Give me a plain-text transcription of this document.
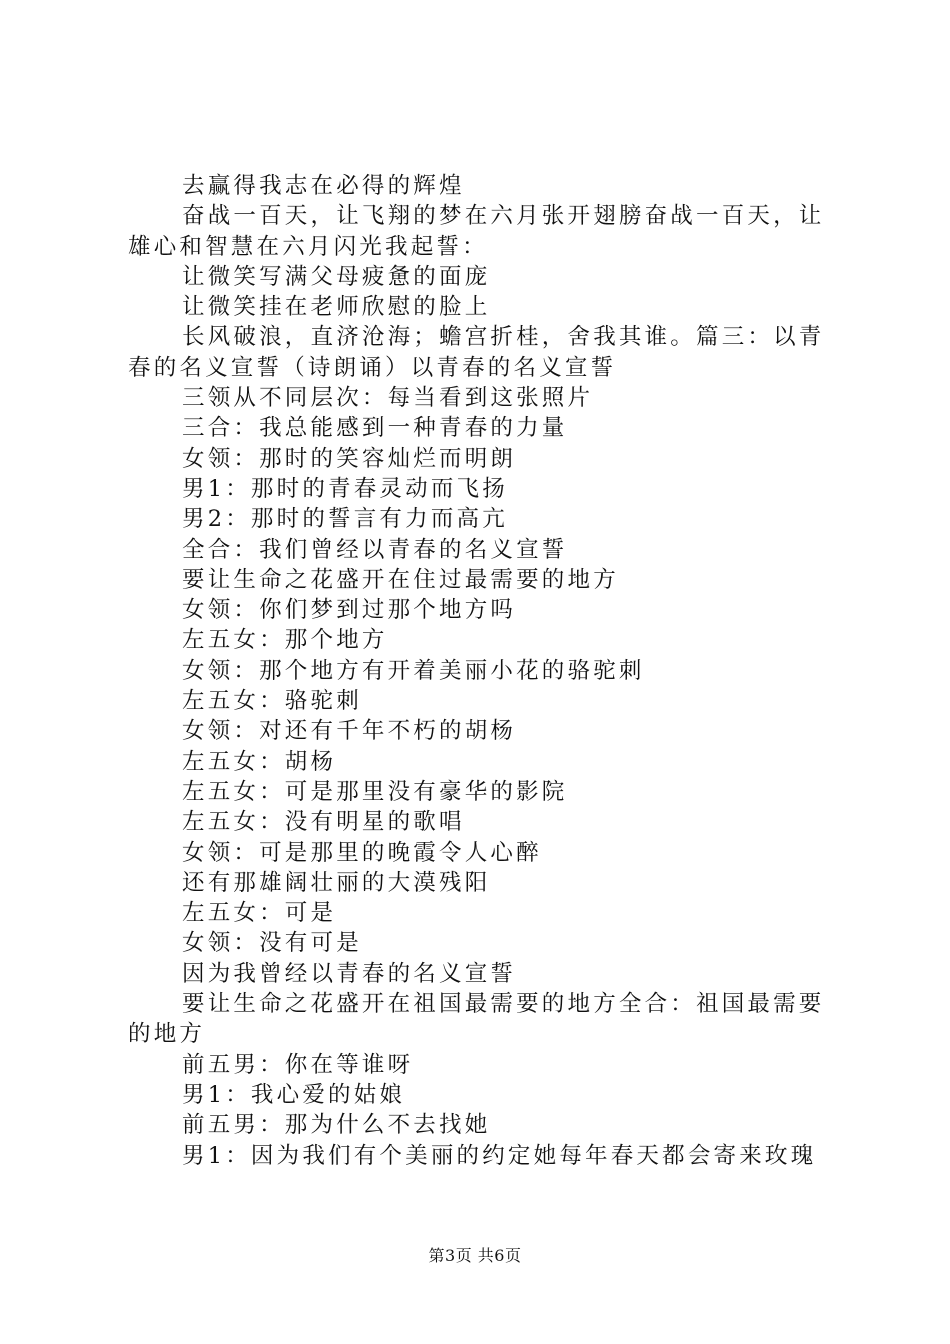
去赢得我志在必得的辉煌

奋战一百天，让飞翔的梦在六月张开翅膀奋战一百天，让雄心和智慧在六月闪光我起誓：

让微笑写满父母疲惫的面庞

让微笑挂在老师欣慰的脸上

长风破浪，直济沧海；蟾宫折桂，舍我其谁。篇三：以青春的名义宣誓（诗朗诵）以青春的名义宣誓

三领从不同层次：每当看到这张照片

三合：我总能感到一种青春的力量

女领：那时的笑容灿烂而明朗

男1：那时的青春灵动而飞扬

男2：那时的誓言有力而高亢

全合：我们曾经以青春的名义宣誓

要让生命之花盛开在住过最需要的地方

女领：你们梦到过那个地方吗

左五女：那个地方

女领：那个地方有开着美丽小花的骆驼刺

左五女：骆驼刺

女领：对还有千年不朽的胡杨

左五女：胡杨

左五女：可是那里没有豪华的影院

左五女：没有明星的歌唱

女领：可是那里的晚霞令人心醉

还有那雄阔壮丽的大漠残阳

左五女：可是

女领：没有可是

因为我曾经以青春的名义宣誓

要让生命之花盛开在祖国最需要的地方全合：祖国最需要的地方

前五男：你在等谁呀

男1：我心爱的姑娘

前五男：那为什么不去找她

男1：因为我们有个美丽的约定她每年春天都会寄来玫瑰

第3页 共6页
